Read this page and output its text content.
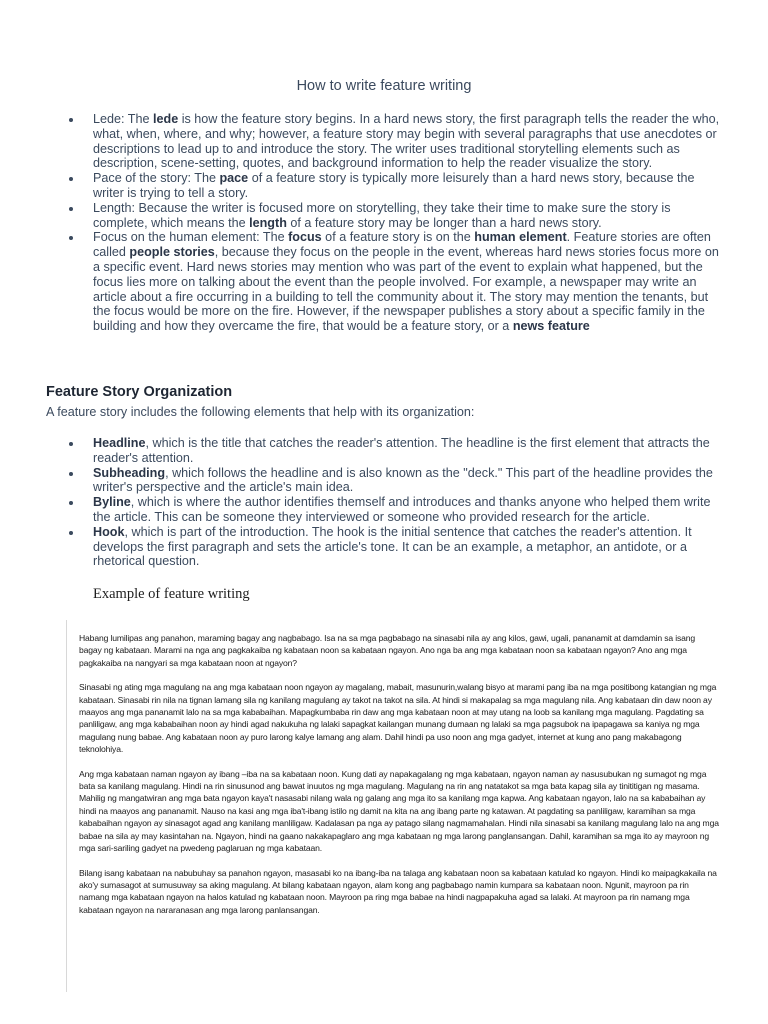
How to write feature writing
Lede: The lede is how the feature story begins. In a hard news story, the first paragraph tells the reader the who, what, when, where, and why; however, a feature story may begin with several paragraphs that use anecdotes or descriptions to lead up to and introduce the story. The writer uses traditional storytelling elements such as description, scene-setting, quotes, and background information to help the reader visualize the story.
Pace of the story: The pace of a feature story is typically more leisurely than a hard news story, because the writer is trying to tell a story.
Length: Because the writer is focused more on storytelling, they take their time to make sure the story is complete, which means the length of a feature story may be longer than a hard news story.
Focus on the human element: The focus of a feature story is on the human element. Feature stories are often called people stories, because they focus on the people in the event, whereas hard news stories focus more on a specific event. Hard news stories may mention who was part of the event to explain what happened, but the focus lies more on talking about the event than the people involved. For example, a newspaper may write an article about a fire occurring in a building to tell the community about it. The story may mention the tenants, but the focus would be more on the fire. However, if the newspaper publishes a story about a specific family in the building and how they overcame the fire, that would be a feature story, or a news feature
Feature Story Organization
A feature story includes the following elements that help with its organization:
Headline, which is the title that catches the reader's attention. The headline is the first element that attracts the reader's attention.
Subheading, which follows the headline and is also known as the "deck." This part of the headline provides the writer's perspective and the article's main idea.
Byline, which is where the author identifies themself and introduces and thanks anyone who helped them write the article. This can be someone they interviewed or someone who provided research for the article.
Hook, which is part of the introduction. The hook is the initial sentence that catches the reader's attention. It develops the first paragraph and sets the article's tone. It can be an example, a metaphor, an antidote, or a rhetorical question.
Example of feature writing

Habang lumilipas ang panahon, maraming bagay ang nagbabago. Isa na sa mga pagbabago na sinasabi nila ay ang kilos, gawi, ugali, pananamit at damdamin sa isang bagay ng kabataan. Marami na nga ang pagkakaiba ng kabataan noon sa kabataan ngayon. Ano nga ba ang mga kabataan noon sa kabataan ngayon? Ano ang mga pagkakaiba na nangyari sa mga kabataan noon at ngayon?

Sinasabi ng ating mga magulang na ang mga kabataan noon ngayon ay magalang, mabait, masunurin,walang bisyo at marami pang iba na mga positibong katangian ng mga kabataan. Sinasabi rin nila na tignan lamang sila ng kanilang magulang ay takot na takot na sila. At hindi si makapalag sa mga magulang nila. Ang kabataan din daw noon ay maayos ang mga pananamit lalo na sa mga kababaihan. Mapagkumbaba rin daw ang mga kabataan noon at may utang na loob sa kanilang mga magulang. Pagdating sa panliligaw, ang mga kababaihan noon ay hindi agad nakukuha ng lalaki sapagkat kailangan munang dumaan ng lalaki sa mga pagsubok na ipapagawa sa kaniya ng mga magulang nung babae. Ang kabataan noon ay puro larong kalye lamang ang alam. Dahil hindi pa uso noon ang mga gadyet, internet at kung ano pang makabagong teknolohiya.

Ang mga kabataan naman ngayon ay ibang –iba na sa kabataan noon. Kung dati ay napakagalang ng mga kabataan, ngayon naman ay nasusubukan ng sumagot ng mga bata sa kanilang magulang. Hindi na rin sinusunod ang bawat inuutos ng mga magulang. Magulang na rin ang natatakot sa mga bata kapag sila ay tinititigan ng masama. Mahilig ng mangatwiran ang mga bata ngayon kaya't nasasabi nilang wala ng galang ang mga ito sa kanilang mga kapwa. Ang kabataan ngayon, lalo na sa kababaihan ay hindi na maayos ang pananamit. Nauso na kasi ang mga iba't-ibang istilo ng damit na kita na ang ibang parte ng katawan. At pagdating sa panliligaw, karamihan sa mga kababaihan ngayon ay sinasagot agad ang kanilang manliligaw. Kadalasan pa nga ay patago silang nagmamahalan. Hindi nila sinasabi sa kanilang magulang lalo na ang mga babae na sila ay may kasintahan na. Ngayon, hindi na gaano nakakapaglaro ang mga kabataan ng mga larong panglansangan. Dahil, karamihan sa mga ito ay mayroon ng mga sari-sariling gadyet na pwedeng paglaruan ng mga kabataan.

Bilang isang kabataan na nabubuhay sa panahon ngayon, masasabi ko na ibang-iba na talaga ang kabataan noon sa kabataan katulad ko ngayon. Hindi ko maipagkakaila na ako'y sumasagot at sumusuway sa aking magulang. At bilang kabataan ngayon, alam kong ang pagbabago namin kumpara sa kabataan noon. Ngunit, mayroon pa rin namang mga kabataan ngayon na halos katulad ng kabataan noon. Mayroon pa ring mga babae na hindi nagpapakuha agad sa lalaki. At mayroon pa rin namang mga kabataan ngayon na nararanasan ang mga larong panlansangan.
